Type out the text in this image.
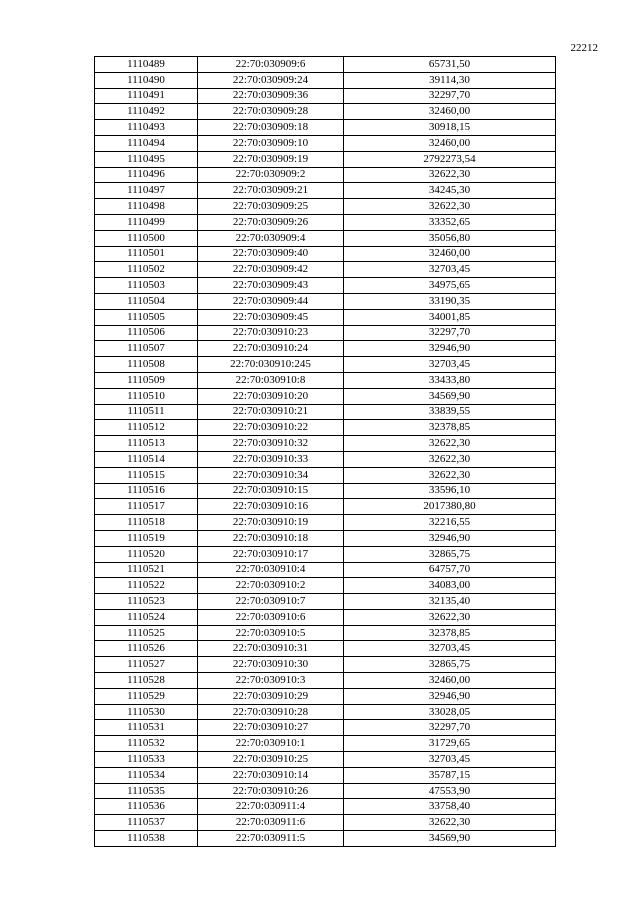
22212
1110489	22:70:030909:6	65731,50
1110490	22:70:030909:24	39114,30
1110491	22:70:030909:36	32297,70
1110492	22:70:030909:28	32460,00
1110493	22:70:030909:18	30918,15
1110494	22:70:030909:10	32460,00
1110495	22:70:030909:19	2792273,54
1110496	22:70:030909:2	32622,30
1110497	22:70:030909:21	34245,30
1110498	22:70:030909:25	32622,30
1110499	22:70:030909:26	33352,65
1110500	22:70:030909:4	35056,80
1110501	22:70:030909:40	32460,00
1110502	22:70:030909:42	32703,45
1110503	22:70:030909:43	34975,65
1110504	22:70:030909:44	33190,35
1110505	22:70:030909:45	34001,85
1110506	22:70:030910:23	32297,70
1110507	22:70:030910:24	32946,90
1110508	22:70:030910:245	32703,45
1110509	22:70:030910:8	33433,80
1110510	22:70:030910:20	34569,90
1110511	22:70:030910:21	33839,55
1110512	22:70:030910:22	32378,85
1110513	22:70:030910:32	32622,30
1110514	22:70:030910:33	32622,30
1110515	22:70:030910:34	32622,30
1110516	22:70:030910:15	33596,10
1110517	22:70:030910:16	2017380,80
1110518	22:70:030910:19	32216,55
1110519	22:70:030910:18	32946,90
1110520	22:70:030910:17	32865,75
1110521	22:70:030910:4	64757,70
1110522	22:70:030910:2	34083,00
1110523	22:70:030910:7	32135,40
1110524	22:70:030910:6	32622,30
1110525	22:70:030910:5	32378,85
1110526	22:70:030910:31	32703,45
1110527	22:70:030910:30	32865,75
1110528	22:70:030910:3	32460,00
1110529	22:70:030910:29	32946,90
1110530	22:70:030910:28	33028,05
1110531	22:70:030910:27	32297,70
1110532	22:70:030910:1	31729,65
1110533	22:70:030910:25	32703,45
1110534	22:70:030910:14	35787,15
1110535	22:70:030910:26	47553,90
1110536	22:70:030911:4	33758,40
1110537	22:70:030911:6	32622,30
1110538	22:70:030911:5	34569,90
